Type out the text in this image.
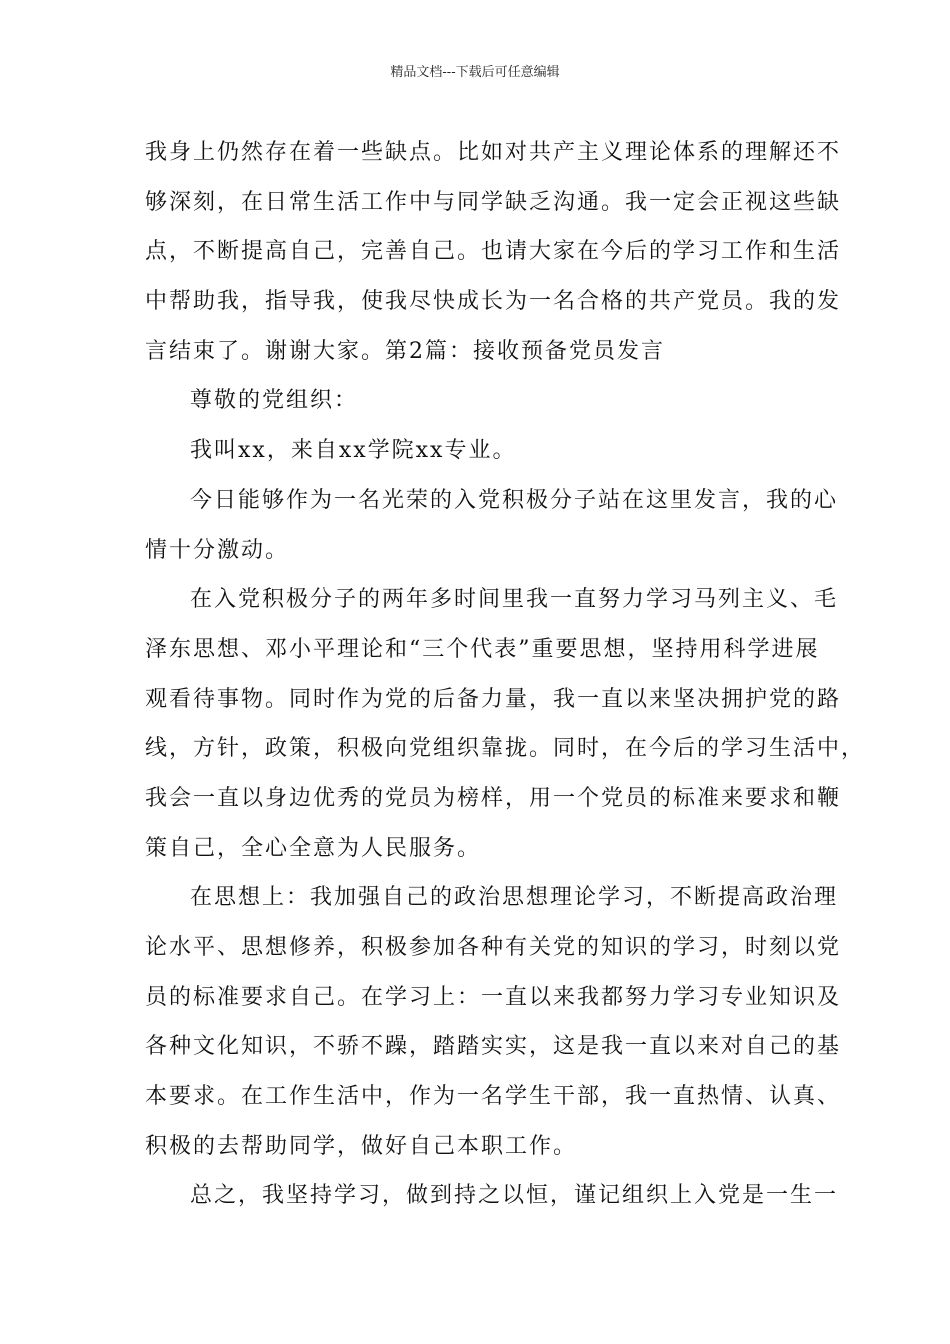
精品文档---下载后可任意编辑
我身上仍然存在着一些缺点。比如对共产主义理论体系的理解还不
够深刻，在日常生活工作中与同学缺乏沟通。我一定会正视这些缺
点，不断提高自己，完善自己。也请大家在今后的学习工作和生活
中帮助我，指导我，使我尽快成长为一名合格的共产党员。我的发
言结束了。谢谢大家。第2篇：接收预备党员发言
尊敬的党组织：
我叫xx，来自xx学院xx专业。
今日能够作为一名光荣的入党积极分子站在这里发言，我的心
情十分激动。
在入党积极分子的两年多时间里我一直努力学习马列主义、毛
泽东思想、邓小平理论和“三个代表”重要思想，坚持用科学进展
观看待事物。同时作为党的后备力量，我一直以来坚决拥护党的路
线，方针，政策，积极向党组织靠拢。同时，在今后的学习生活中，
我会一直以身边优秀的党员为榜样，用一个党员的标准来要求和鞭
策自己，全心全意为人民服务。
在思想上：我加强自己的政治思想理论学习，不断提高政治理
论水平、思想修养，积极参加各种有关党的知识的学习，时刻以党
员的标准要求自己。在学习上：一直以来我都努力学习专业知识及
各种文化知识，不骄不躁，踏踏实实，这是我一直以来对自己的基
本要求。在工作生活中，作为一名学生干部，我一直热情、认真、
积极的去帮助同学，做好自己本职工作。
总之，我坚持学习，做到持之以恒，谨记组织上入党是一生一
